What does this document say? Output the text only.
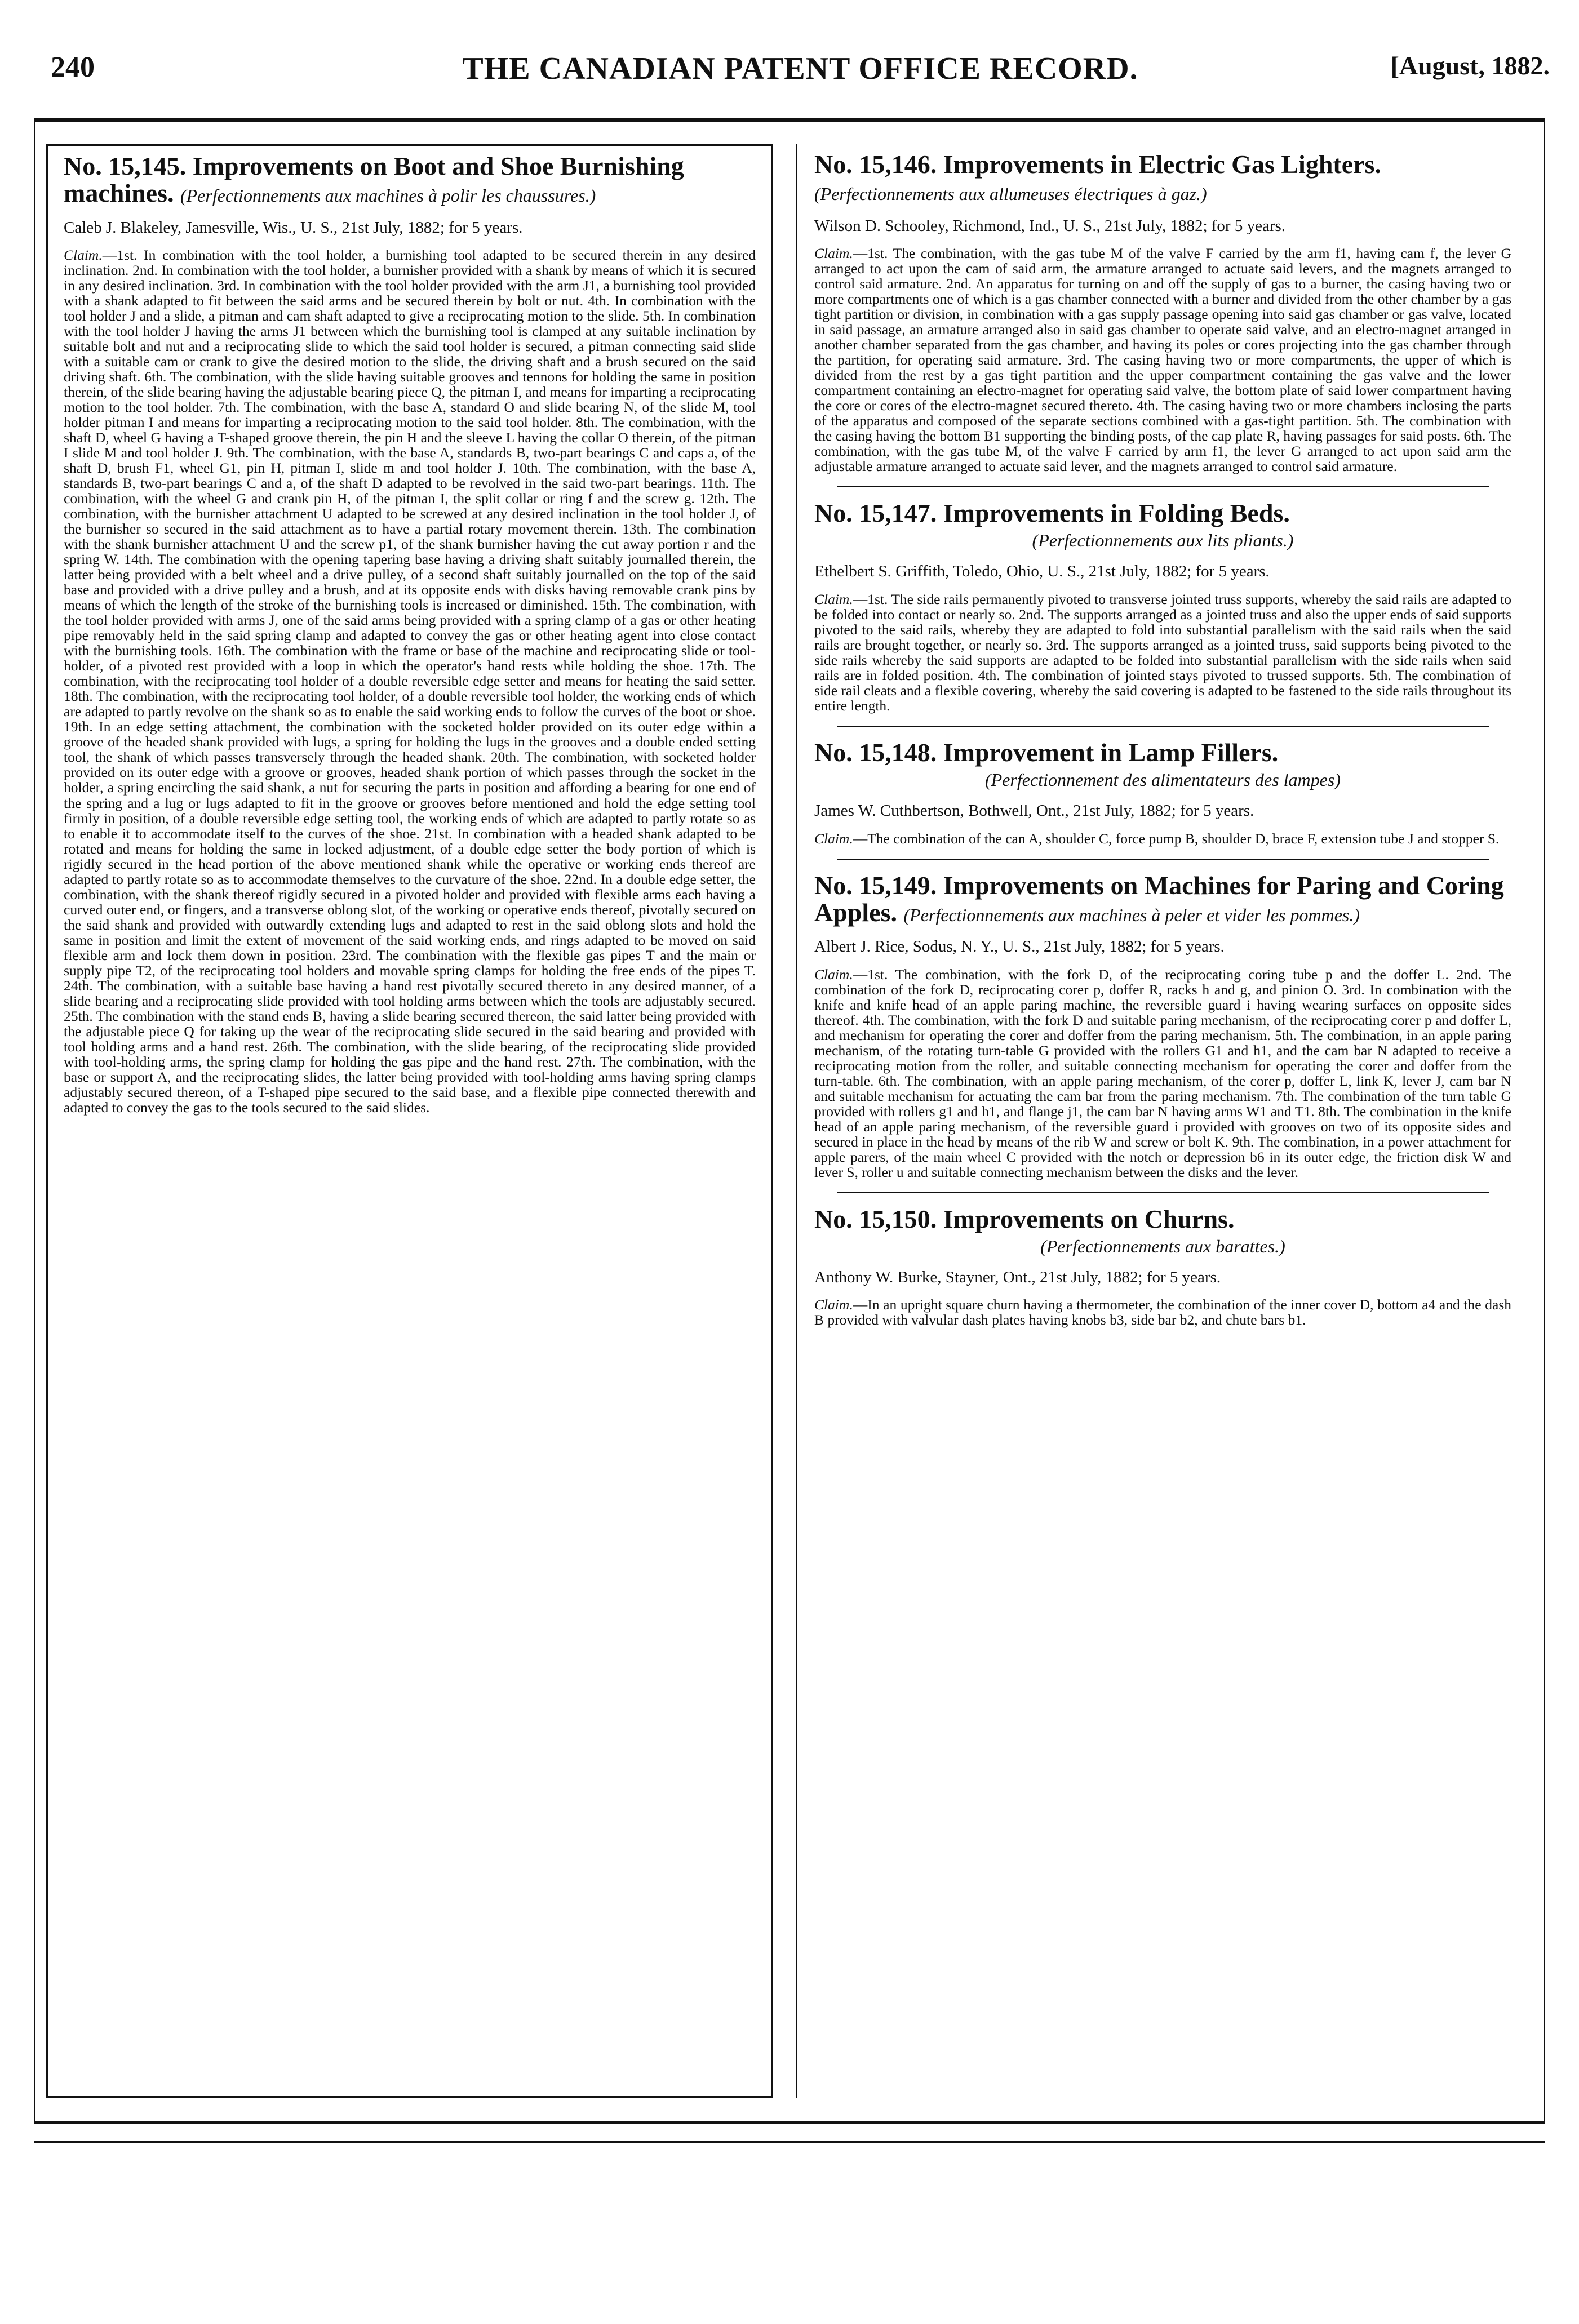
240	THE CANADIAN PATENT OFFICE RECORD.	[August, 1882.
No. 15,145. Improvements on Boot and Shoe Burnishing machines. (Perfectionnements aux machines à polir les chaussures.)

Caleb J. Blakeley, Jamesville, Wis., U. S., 21st July, 1882; for 5 years.

Claim.—1st. In combination with the tool holder, a burnishing tool adapted to be secured therein in any desired inclination. 2nd. In combination with the tool holder, a burnisher provided with a shank by means of which it is secured in any desired inclination. 3rd. In combination with the tool holder provided with the arm J1, a burnishing tool provided with a shank adapted to fit between the said arms and be secured therein by bolt or nut. 4th. In combination with the tool holder J and a slide, a pitman and cam shaft adapted to give a reciprocating motion to the slide. 5th. In combination with the tool holder J having the arms J1 between which the burnishing tool is clamped at any suitable inclination by suitable bolt and nut and a reciprocating slide to which the said tool holder is secured, a pitman connecting said slide with a suitable cam or crank to give the desired motion to the slide, the driving shaft and a brush secured on the said driving shaft. 6th. The combination, with the slide having suitable grooves and tennons for holding the same in position therein, of the slide bearing having the adjustable bearing piece Q, the pitman I, and means for imparting a reciprocating motion to the tool holder. 7th. The combination, with the base A, standard O and slide bearing N, of the slide M, tool holder pitman I and means for imparting a reciprocating motion to the said tool holder. 8th. The combination, with the shaft D, wheel G having a T-shaped groove therein, the pin H and the sleeve L having the collar O therein, of the pitman I slide M and tool holder J. 9th. The combination, with the base A, standards B, two-part bearings C and caps a, of the shaft D, brush F1, wheel G1, pin H, pitman I, slide m and tool holder J. 10th. The combination, with the base A, standards B, two-part bearings C and a, of the shaft D adapted to be revolved in the said two-part bearings. 11th. The combination, with the wheel G and crank pin H, of the pitman I, the split collar or ring f and the screw g. 12th. The combination, with the burnisher attachment U adapted to be screwed at any desired inclination in the tool holder J, of the burnisher so secured in the said attachment as to have a partial rotary movement therein. 13th. The combination with the shank burnisher attachment U and the screw p1, of the shank burnisher having the cut away portion r and the spring W. 14th. The combination with the opening tapering base having a driving shaft suitably journalled therein, the latter being provided with a belt wheel and a drive pulley, of a second shaft suitably journalled on the top of the said base and provided with a drive pulley and a brush, and at its opposite ends with disks having removable crank pins by means of which the length of the stroke of the burnishing tools is increased or diminished. 15th. The combination, with the tool holder provided with arms J, one of the said arms being provided with a spring clamp of a gas or other heating pipe removably held in the said spring clamp and adapted to convey the gas or other heating agent into close contact with the burnishing tools. 16th. The combination with the frame or base of the machine and reciprocating slide or tool-holder, of a pivoted rest provided with a loop in which the operator's hand rests while holding the shoe. 17th. The combination, with the reciprocating tool holder of a double reversible edge setter and means for heating the said setter. 18th. The combination, with the reciprocating tool holder, of a double reversible tool holder, the working ends of which are adapted to partly revolve on the shank so as to enable the said working ends to follow the curves of the boot or shoe. 19th. In an edge setting attachment, the combination with the socketed holder provided on its outer edge within a groove of the headed shank provided with lugs, a spring for holding the lugs in the grooves and a double ended setting tool, the shank of which passes transversely through the headed shank. 20th. The combination, with socketed holder provided on its outer edge with a groove or grooves, headed shank portion of which passes through the socket in the holder, a spring encircling the said shank, a nut for securing the parts in position and affording a bearing for one end of the spring and a lug or lugs adapted to fit in the groove or grooves before mentioned and hold the edge setting tool firmly in position, of a double reversible edge setting tool, the working ends of which are adapted to partly rotate so as to enable it to accommodate itself to the curves of the shoe. 21st. In combination with a headed shank adapted to be rotated and means for holding the same in locked adjustment, of a double edge setter the body portion of which is rigidly secured in the head portion of the above mentioned shank while the operative or working ends thereof are adapted to partly rotate so as to accommodate themselves to the curvature of the shoe. 22nd. In a double edge setter, the combination, with the shank thereof rigidly secured in a pivoted holder and provided with flexible arms each having a curved outer end, or fingers, and a transverse oblong slot, of the working or operative ends thereof, pivotally secured on the said shank and provided with outwardly extending lugs and adapted to rest in the said oblong slots and hold the same in position and limit the extent of movement of the said working ends, and rings adapted to be moved on said flexible arm and lock them down in position. 23rd. The combination with the flexible gas pipes T and the main or supply pipe T2, of the reciprocating tool holders and movable spring clamps for holding the free ends of the pipes T. 24th. The combination, with a suitable base having a hand rest pivotally secured thereto in any desired manner, of a slide bearing and a reciprocating slide provided with tool holding arms between which the tools are adjustably secured. 25th. The combination with the stand ends B, having a slide bearing secured thereon, the said latter being provided with the adjustable piece Q for taking up the wear of the reciprocating slide secured in the said bearing and provided with tool holding arms and a hand rest. 26th. The combination, with the slide bearing, of the reciprocating slide provided with tool-holding arms, the spring clamp for holding the gas pipe and the hand rest. 27th. The combination, with the base or support A, and the reciprocating slides, the latter being provided with tool-holding arms having spring clamps adjustably secured thereon, of a T-shaped pipe secured to the said base, and a flexible pipe connected therewith and adapted to convey the gas to the tools secured to the said slides.

No. 15,146. Improvements in Electric Gas Lighters. (Perfectionnements aux allumeuses électriques à gaz.)

Wilson D. Schooley, Richmond, Ind., U. S., 21st July, 1882; for 5 years.

Claim.—1st. The combination, with the gas tube M of the valve F carried by the arm f1, having cam f, the lever G arranged to act upon the cam of said arm, the armature arranged to actuate said levers, and the magnets arranged to control said armature. 2nd. An apparatus for turning on and off the supply of gas to a burner, the casing having two or more compartments one of which is a gas chamber connected with a burner and divided from the other chamber by a gas tight partition or division, in combination with a gas supply passage opening into said gas chamber or gas valve, located in said passage, an armature arranged also in said gas chamber to operate said valve, and an electro-magnet arranged in another chamber separated from the gas chamber, and having its poles or cores projecting into the gas chamber through the partition, for operating said armature. 3rd. The casing having two or more compartments, the upper of which is divided from the rest by a gas tight partition and the upper compartment containing the gas valve and the lower compartment containing an electro-magnet for operating said valve, the bottom plate of said lower compartment having the core or cores of the electro-magnet secured thereto. 4th. The casing having two or more chambers inclosing the parts of the apparatus and composed of the separate sections combined with a gas-tight partition. 5th. The combination with the casing having the bottom B1 supporting the binding posts, of the cap plate R, having passages for said posts. 6th. The combination, with the gas tube M, of the valve F carried by arm f1, the lever G arranged to act upon said arm the adjustable armature arranged to actuate said lever, and the magnets arranged to control said armature.

No. 15,147. Improvements in Folding Beds.

(Perfectionnements aux lits pliants.)

Ethelbert S. Griffith, Toledo, Ohio, U. S., 21st July, 1882; for 5 years.

Claim.—1st. The side rails permanently pivoted to transverse jointed truss supports, whereby the said rails are adapted to be folded into contact or nearly so. 2nd. The supports arranged as a jointed truss and also the upper ends of said supports pivoted to the said rails, whereby they are adapted to fold into substantial parallelism with the said rails when the said rails are brought together, or nearly so. 3rd. The supports arranged as a jointed truss, said supports being pivoted to the side rails whereby the said supports are adapted to be folded into substantial parallelism with the side rails when said rails are in folded position. 4th. The combination of jointed stays pivoted to trussed supports. 5th. The combination of side rail cleats and a flexible covering, whereby the said covering is adapted to be fastened to the side rails throughout its entire length.

No. 15,148. Improvement in Lamp Fillers.

(Perfectionnement des alimentateurs des lampes)

James W. Cuthbertson, Bothwell, Ont., 21st July, 1882; for 5 years.

Claim.—The combination of the can A, shoulder C, force pump B, shoulder D, brace F, extension tube J and stopper S.

No. 15,149. Improvements on Machines for Paring and Coring Apples. (Perfectionnements aux machines à peler et vider les pommes.)

Albert J. Rice, Sodus, N. Y., U. S., 21st July, 1882; for 5 years.

Claim.—1st. The combination, with the fork D, of the reciprocating coring tube p and the doffer L. 2nd. The combination of the fork D, reciprocating corer p, doffer R, racks h and g, and pinion O. 3rd. In combination with the knife and knife head of an apple paring machine, the reversible guard i having wearing surfaces on opposite sides thereof. 4th. The combination, with the fork D and suitable paring mechanism, of the reciprocating corer p and doffer L, and mechanism for operating the corer and doffer from the paring mechanism. 5th. The combination, in an apple paring mechanism, of the rotating turn-table G provided with the rollers G1 and h1, and the cam bar N adapted to receive a reciprocating motion from the roller, and suitable connecting mechanism for operating the corer and doffer from the turn-table. 6th. The combination, with an apple paring mechanism, of the corer p, doffer L, link K, lever J, cam bar N and suitable mechanism for actuating the cam bar from the paring mechanism. 7th. The combination of the turn table G provided with rollers g1 and h1, and flange j1, the cam bar N having arms W1 and T1. 8th. The combination in the knife head of an apple paring mechanism, of the reversible guard i provided with grooves on two of its opposite sides and secured in place in the head by means of the rib W and screw or bolt K. 9th. The combination, in a power attachment for apple parers, of the main wheel C provided with the notch or depression b6 in its outer edge, the friction disk W and lever S, roller u and suitable connecting mechanism between the disks and the lever.

No. 15,150. Improvements on Churns.

(Perfectionnements aux barattes.)

Anthony W. Burke, Stayner, Ont., 21st July, 1882; for 5 years.

Claim.—In an upright square churn having a thermometer, the combination of the inner cover D, bottom a4 and the dash B provided with valvular dash plates having knobs b3, side bar b2, and chute bars b1.
